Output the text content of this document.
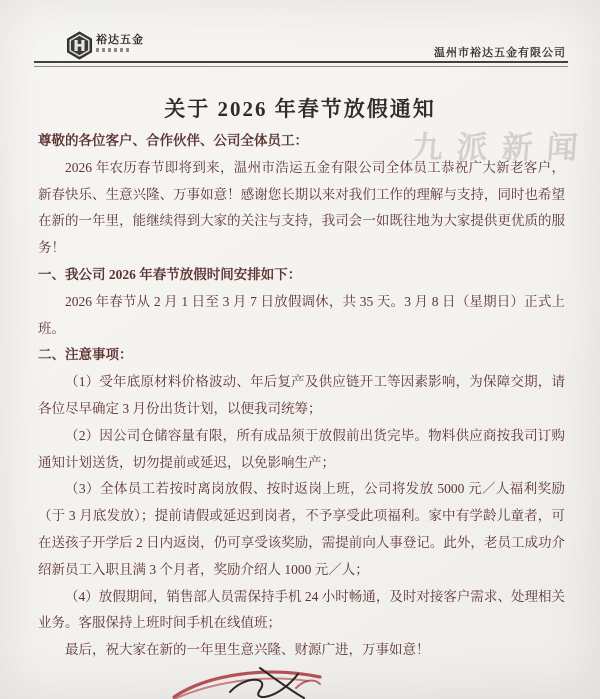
裕达五金
温州市裕达五金有限公司
九派新闻
关于 2026 年春节放假通知

尊敬的各位客户、合作伙伴、公司全体员工：

2026 年农历春节即将到来，温州市浩运五金有限公司全体员工恭祝广大新老客户，新春快乐、生意兴隆、万事如意！感谢您长期以来对我们工作的理解与支持，同时也希望在新的一年里，能继续得到大家的关注与支持，我司会一如既往地为大家提供更优质的服务！

一、我公司 2026 年春节放假时间安排如下：

2026 年春节从 2 月 1 日至 3 月 7 日放假调休，共 35 天。3 月 8 日（星期日）正式上班。

二、注意事项：

（1）受年底原材料价格波动、年后复产及供应链开工等因素影响，为保障交期，请各位尽早确定 3 月份出货计划，以便我司统筹；

（2）因公司仓储容量有限，所有成品须于放假前出货完毕。物料供应商按我司订购通知计划送货，切勿提前或延迟，以免影响生产；

（3）全体员工若按时离岗放假、按时返岗上班，公司将发放 5000 元／人福利奖励（于 3 月底发放）；提前请假或延迟到岗者，不予享受此项福利。家中有学龄儿童者，可在送孩子开学后 2 日内返岗，仍可享受该奖励，需提前向人事登记。此外，老员工成功介绍新员工入职且满 3 个月者，奖励介绍人 1000 元／人；

（4）放假期间，销售部人员需保持手机 24 小时畅通，及时对接客户需求、处理相关业务。客服保持上班时间手机在线值班；

最后，祝大家在新的一年里生意兴隆、财源广进，万事如意！
